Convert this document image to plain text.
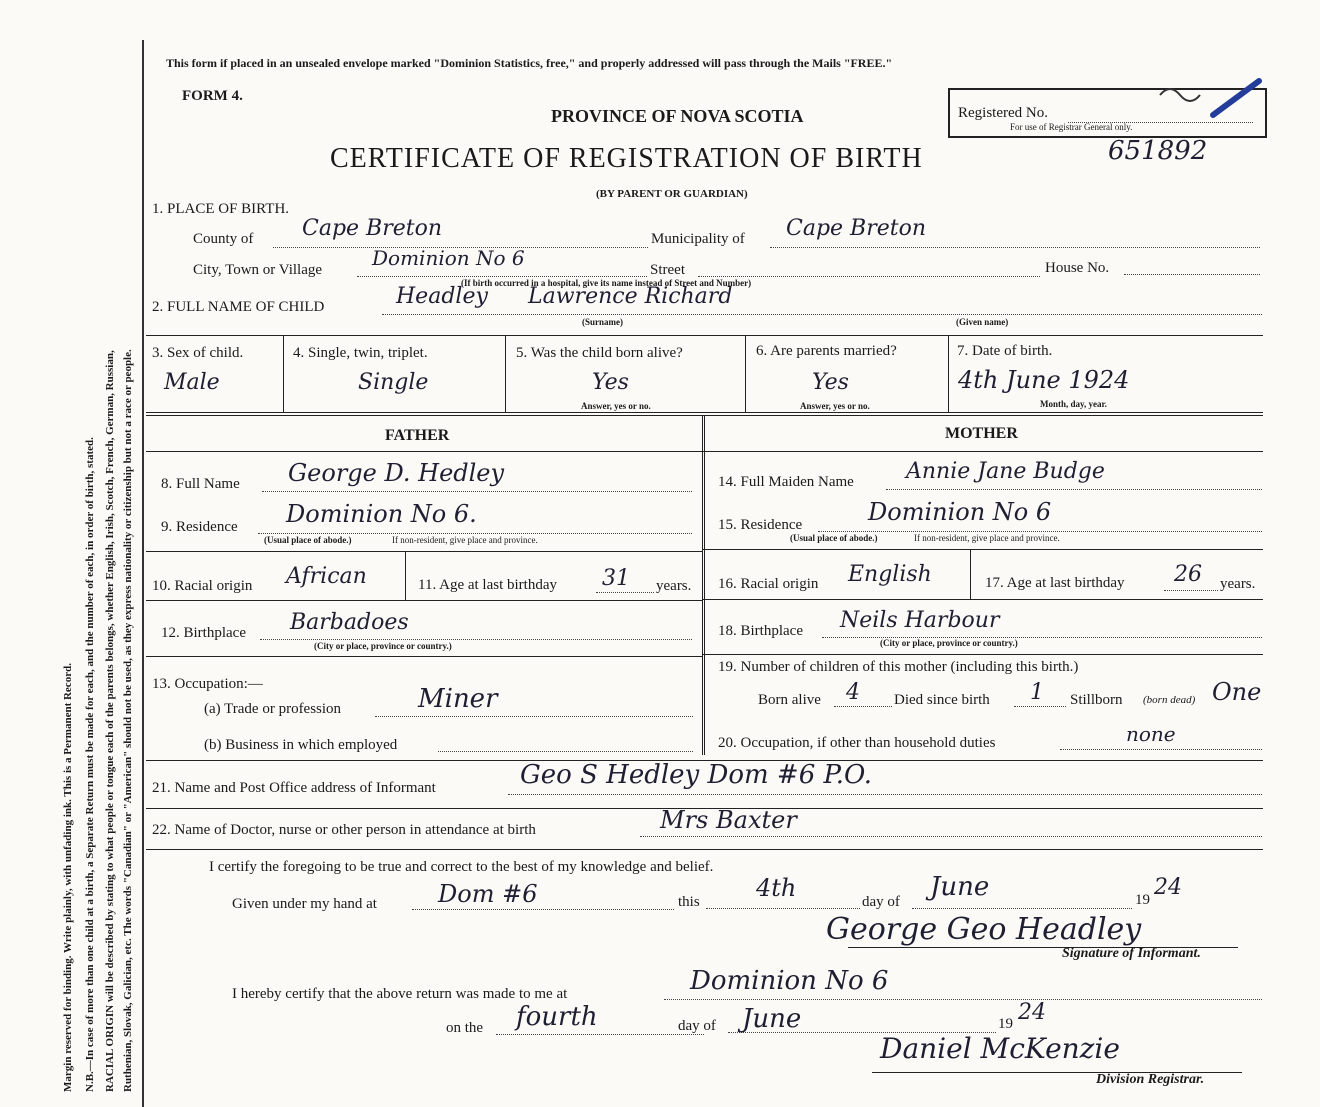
Margin reserved for binding. Write plainly, with unfading ink. This is a Permanent Record. N.B.—In case of more than one child at a birth, a Separate Return must be made for each, and the number of each, in order of birth, stated. RACIAL ORIGIN will be described by stating to what people or tongue each of the parents belongs, whether English, Irish, Scotch, French, German, Russian, Ruthenian, Slovak, Galician, etc. The words "Canadian" or "American" should not be used, as they express nationality or citizenship but not a race or people.
This form if placed in an unsealed envelope marked "Dominion Statistics, free," and properly addressed will pass through the Mails "FREE."
FORM 4.
PROVINCE OF NOVA SCOTIA
CERTIFICATE OF REGISTRATION OF BIRTH
(BY PARENT OR GUARDIAN)
Registered No.
For use of Registrar General only.
651892
1. PLACE OF BIRTH.
County of Cape Breton	Municipality of Cape Breton
City, Town or Village Dominion No 6	Street	House No.
(If birth occurred in a hospital, give its name instead of Street and Number)
2. FULL NAME OF CHILD	Headley Lawrence Richard
(Surname)	(Given name)
3. Sex of child.
Male
4. Single, twin, triplet.
Single
5. Was the child born alive?
Yes
Answer, yes or no.
6. Are parents married?
Yes
Answer, yes or no.
7. Date of birth.
4th June 1924
Month, day, year.
FATHER	MOTHER
8. Full Name George D. Hedley
9. Residence Dominion No 6.
(Usual place of abode.)	If non-resident, give place and province.
10. Racial origin African	11. Age at last birthday 31 years.
12. Birthplace Barbadoes
(City or place, province or country.)
13. Occupation:—
(a) Trade or profession	Miner
(b) Business in which employed
14. Full Maiden Name Annie Jane Budge
15. Residence	Dominion No 6
(Usual place of abode.)	If non-resident, give place and province.
16. Racial origin English	17. Age at last birthday 26 years.
18. Birthplace Neils Harbour
(City or place, province or country.)
19. Number of children of this mother (including this birth.)
Born alive 4 Died since birth 1 Stillborn (born dead) One
20. Occupation, if other than household duties	none
21. Name and Post Office address of Informant	Geo S Hedley Dom #6 P.O.
22. Name of Doctor, nurse or other person in attendance at birth	Mrs Baxter
I certify the foregoing to be true and correct to the best of my knowledge and belief.
Given under my hand at	Dom #6	this 4th	day of June	19 24
George Geo Headley
Signature of Informant.
I hereby certify that the above return was made to me at	Dominion No 6
on the fourth	day of June	19 24
Daniel McKenzie
Division Registrar.
